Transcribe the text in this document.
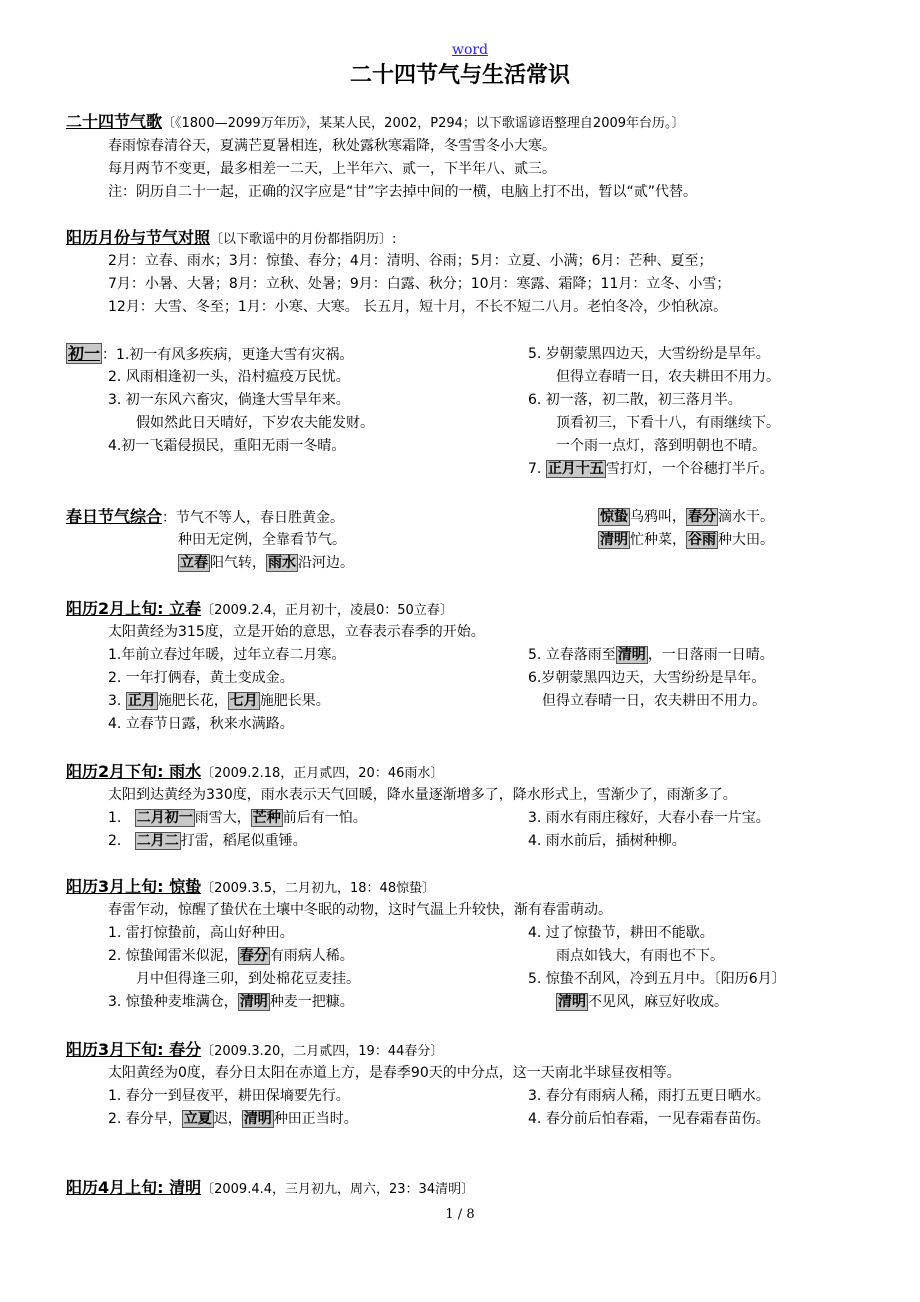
word
二十四节气与生活常识
二十四节气歌〔《1800—2099万年历》，某某人民，2002，P294；以下歌谣谚语整理自2009年台历。〕
春雨惊春清谷天，夏满芒夏暑相连，秋处露秋寒霜降，冬雪雪冬小大寒。
每月两节不变更，最多相差一二天，上半年六、贰一，下半年八、贰三。
注：阴历自二十一起，正确的汉字应是“甘”字去掉中间的一横，电脑上打不出，暂以“贰”代替。
阳历月份与节气对照〔以下歌谣中的月份都指阴历〕:
2月：立春、雨水；3月：惊蛰、春分；4月：清明、谷雨；5月：立夏、小满；6月：芒种、夏至；
7月：小暑、大暑；8月：立秋、处暑；9月：白露、秋分；10月：寒露、霜降；11月：立冬、小雪；
12月：大雪、冬至；1月：小寒、大寒。 长五月，短十月，不长不短二八月。老怕冬冷，少怕秋凉。
初一 ：1.初一有风多疾病，更逢大雪有灾祸。
2. 风雨相逢初一头，沿村瘟疫万民忧。
3. 初一东风六畜灾，倘逢大雪旱年来。
假如然此日天晴好，下岁农夫能发财。
4.初一飞霜侵损民，重阳无雨一冬晴。
5. 岁朝蒙黑四边天，大雪纷纷是旱年。
但得立春晴一日，农夫耕田不用力。
6. 初一落，初二散，初三落月半。
顶看初三，下看十八，有雨继续下。
一个雨一点灯，落到明朝也不晴。
7. 正月十五 雪打灯，一个谷穗打半斤。
春日节气综合：节气不等人，春日胜黄金。
种田无定例，全靠看节气。
立春 阳气转， 雨水 沿河边。
惊蛰 乌鸦叫， 春分 滴水干。
清明 忙种菜， 谷雨 种大田。
阳历2月上旬: 立春〔2009.2.4，正月初十，凌晨0：50立春〕
太阳黄经为315度，立是开始的意思，立春表示春季的开始。
1.年前立春过年暖，过年立春二月寒。
2. 一年打俩春，黄土变成金。
3. 正月 施肥长花， 七月 施肥长果。
4. 立春节日露，秋来水满路。
5. 立春落雨至 清明 ，一日落雨一日晴。
6.岁朝蒙黑四边天，大雪纷纷是旱年。
但得立春晴一日，农夫耕田不用力。
阳历2月下旬: 雨水〔2009.2.18，正月贰四，20：46雨水〕
太阳到达黄经为330度，雨水表示天气回暖，降水量逐渐增多了，降水形式上，雪渐少了，雨渐多了。
1. 二月初一 雨雪大， 芒种 前后有一怕。
2. 二月二 打雷，稻尾似重锤。
3. 雨水有雨庄稼好，大春小春一片宝。
4. 雨水前后，插树种柳。
阳历3月上旬: 惊蛰〔2009.3.5，二月初九，18：48惊蛰〕
春雷乍动，惊醒了蛰伏在土壤中冬眠的动物，这时气温上升较快，渐有春雷萌动。
1. 雷打惊蛰前，高山好种田。
2. 惊蛰闻雷米似泥， 春分 有雨病人稀。
月中但得逢三卯，到处棉花豆麦挂。
3. 惊蛰种麦堆满仓， 清明 种麦一把糠。
4. 过了惊蛰节，耕田不能歇。
雨点如钱大，有雨也不下。
5. 惊蛰不刮风，冷到五月中。〔阳历6月〕
清明 不见风，麻豆好收成。
阳历3月下旬: 春分〔2009.3.20，二月贰四，19：44春分〕
太阳黄经为0度，春分日太阳在赤道上方，是春季90天的中分点，这一天南北半球昼夜相等。
1. 春分一到昼夜平，耕田保墒要先行。
2. 春分早， 立夏 迟， 清明 种田正当时。
3. 春分有雨病人稀，雨打五更日晒水。
4. 春分前后怕春霜，一见春霜春苗伤。
阳历4月上旬: 清明〔2009.4.4，三月初九，周六，23：34清明〕
1 / 8
